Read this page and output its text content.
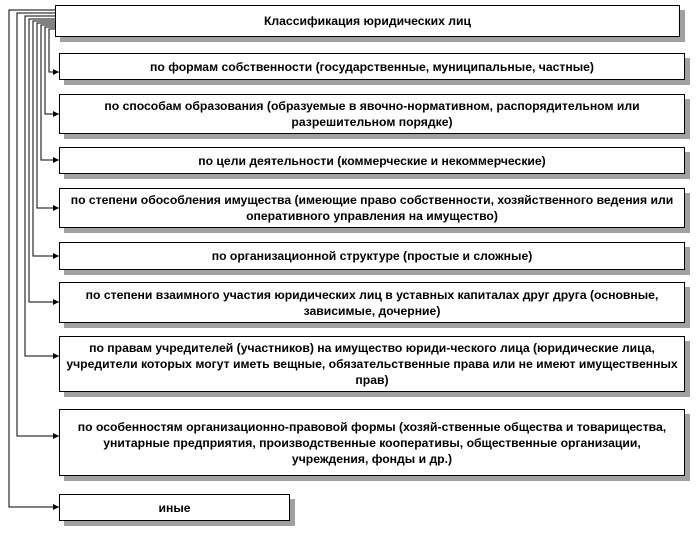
Классификация юридических лиц
по формам собственности (государственные, муниципальные, частные)
по способам образования (образуемые в явочно-нормативном, распорядительном или разрешительном порядке)
по цели деятельности (коммерческие и некоммерческие)
по степени обособления имущества (имеющие право собственности, хозяйственного ведения или оперативного управления на имущество)
по организационной структуре (простые и сложные)
по степени взаимного участия юридических лиц в уставных капиталах друг друга (основные, зависимые, дочерние)
по правам учредителей (участников) на имущество юриди-ческого лица (юридические лица, учредители которых могут иметь вещные, обязательственные права или не имеют имущественных прав)
по особенностям организационно-правовой формы (хозяй-ственные общества и товарищества, унитарные предприятия, производственные кооперативы, общественные организации, учреждения, фонды и др.)
иные
